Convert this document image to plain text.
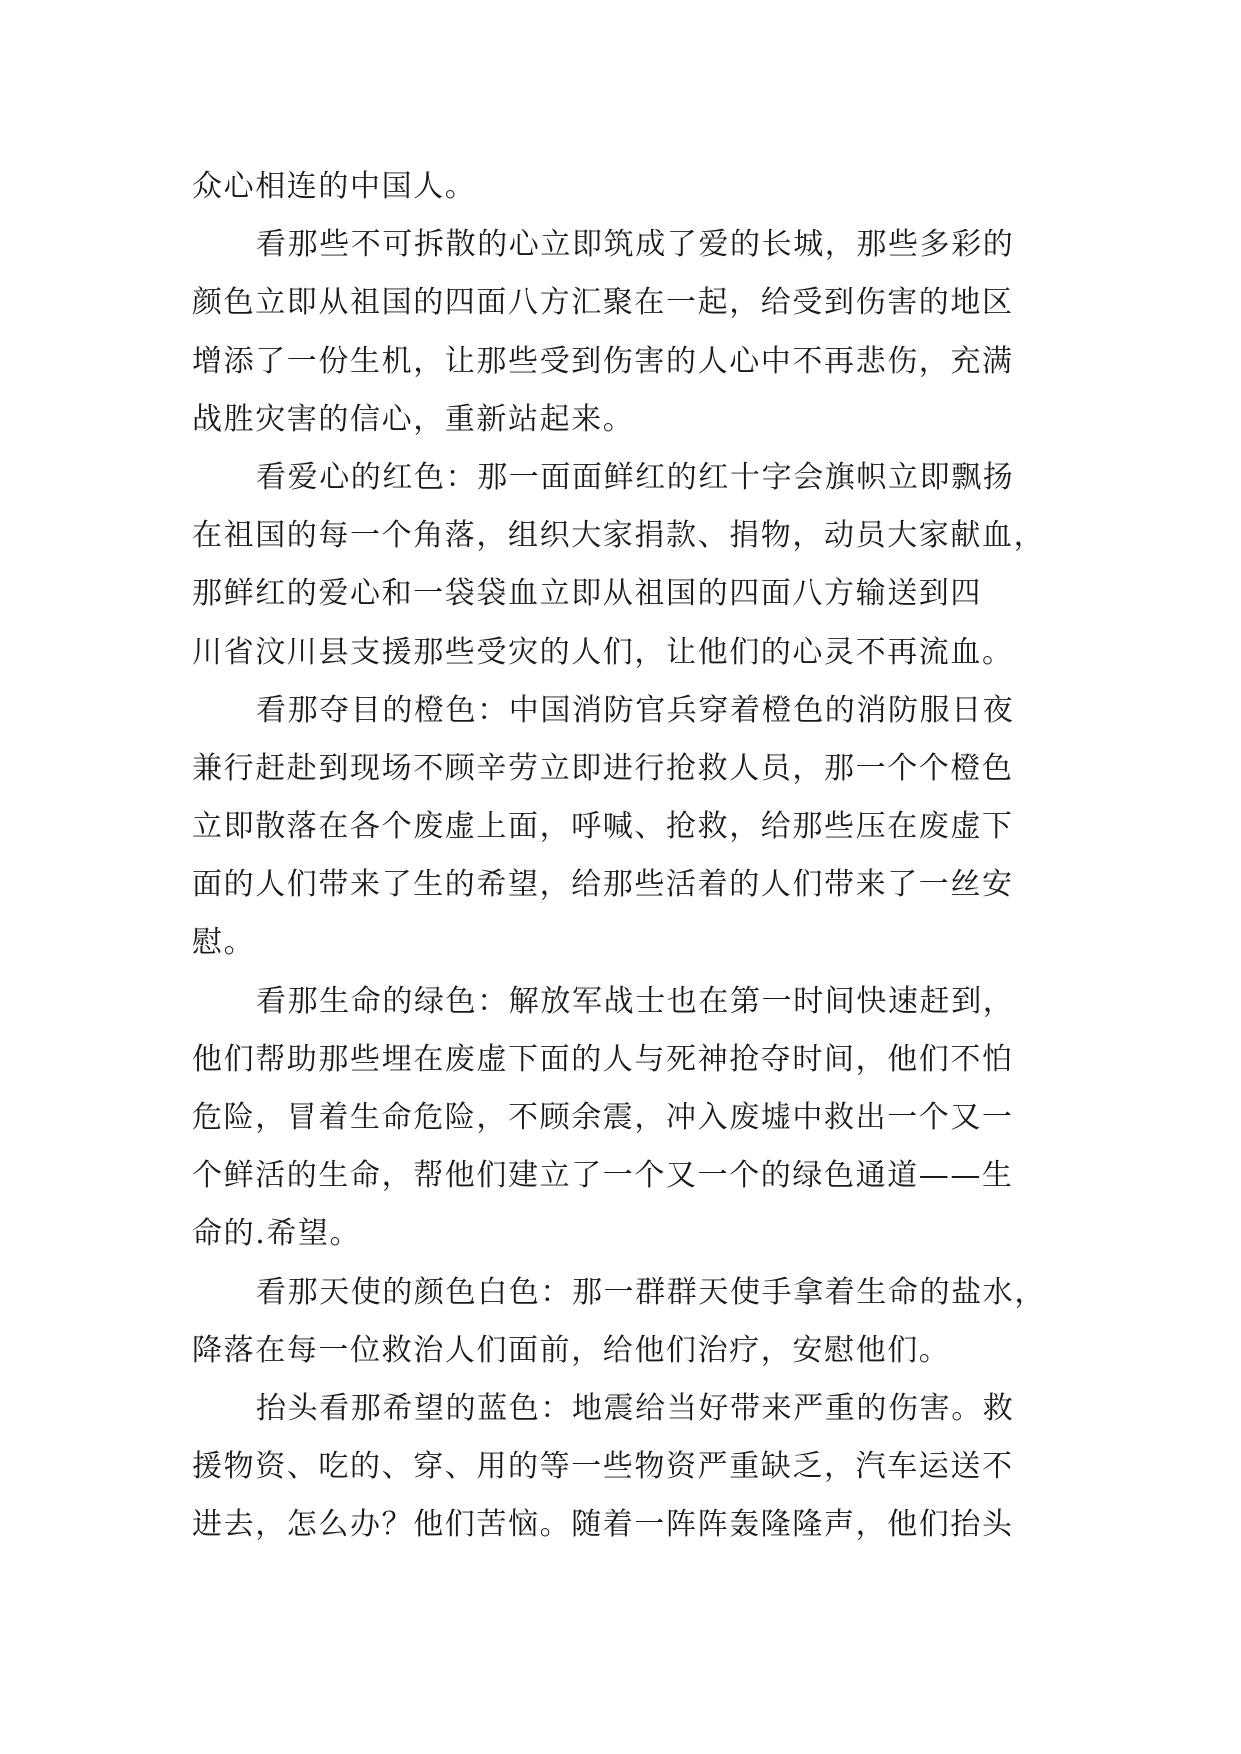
众心相连的中国人。
看那些不可拆散的心立即筑成了爱的长城，那些多彩的
颜色立即从祖国的四面八方汇聚在一起，给受到伤害的地区
增添了一份生机，让那些受到伤害的人心中不再悲伤，充满
战胜灾害的信心，重新站起来。
看爱心的红色：那一面面鲜红的红十字会旗帜立即飘扬
在祖国的每一个角落，组织大家捐款、捐物，动员大家献血，
那鲜红的爱心和一袋袋血立即从祖国的四面八方输送到四
川省汶川县支援那些受灾的人们，让他们的心灵不再流血。
看那夺目的橙色：中国消防官兵穿着橙色的消防服日夜
兼行赶赴到现场不顾辛劳立即进行抢救人员，那一个个橙色
立即散落在各个废虚上面，呼喊、抢救，给那些压在废虚下
面的人们带来了生的希望，给那些活着的人们带来了一丝安
慰。
看那生命的绿色：解放军战士也在第一时间快速赶到，
他们帮助那些埋在废虚下面的人与死神抢夺时间，他们不怕
危险，冒着生命危险，不顾余震，冲入废墟中救出一个又一
个鲜活的生命，帮他们建立了一个又一个的绿色通道——生
命的.希望。
看那天使的颜色白色：那一群群天使手拿着生命的盐水，
降落在每一位救治人们面前，给他们治疗，安慰他们。
抬头看那希望的蓝色：地震给当好带来严重的伤害。救
援物资、吃的、穿、用的等一些物资严重缺乏，汽车运送不
进去，怎么办？他们苦恼。随着一阵阵轰隆隆声，他们抬头
